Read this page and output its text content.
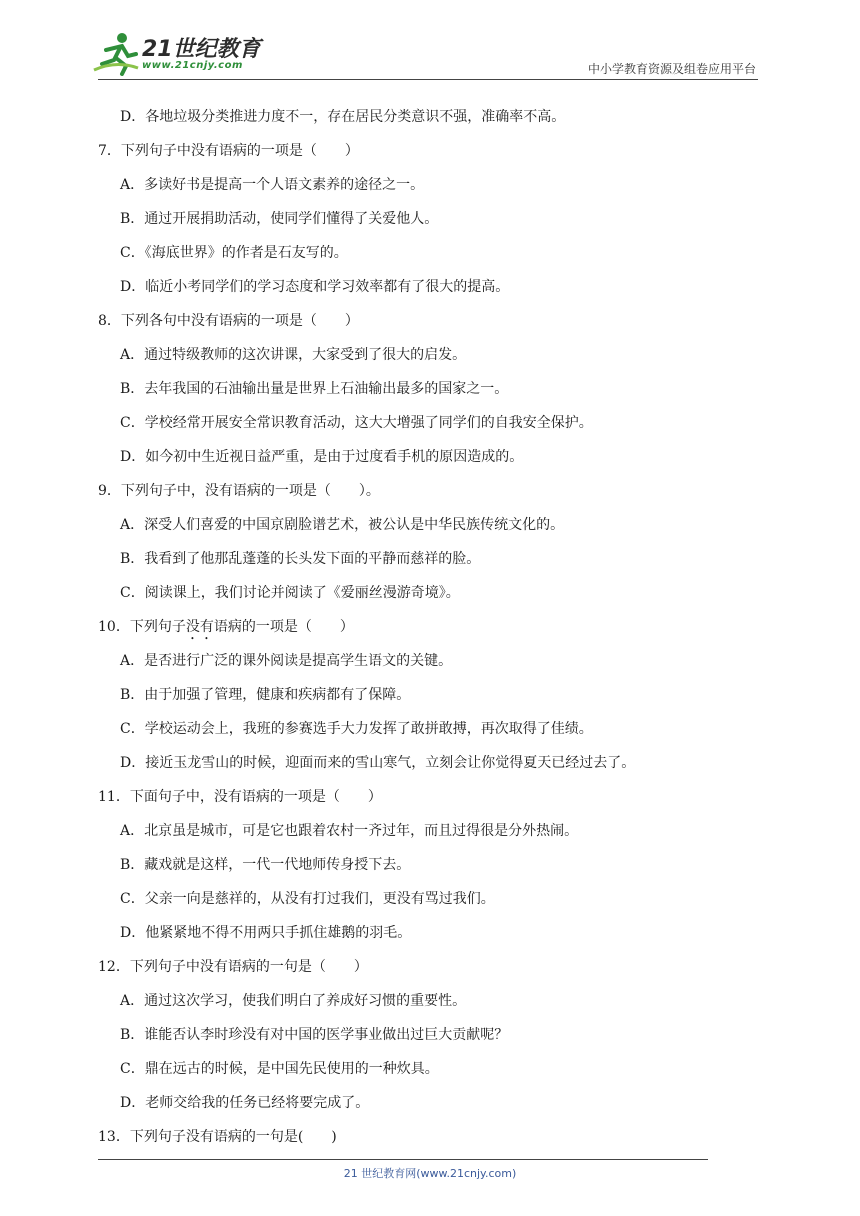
21世纪教育
www.21cnjy.com	中小学教育资源及组卷应用平台
D．各地垃圾分类推进力度不一，存在居民分类意识不强，准确率不高。
7．下列句子中没有语病的一项是（　　）
A．多读好书是提高一个人语文素养的途径之一。
B．通过开展捐助活动，使同学们懂得了关爱他人。
C．《海底世界》的作者是石友写的。
D．临近小考同学们的学习态度和学习效率都有了很大的提高。
8．下列各句中没有语病的一项是（　　）
A．通过特级教师的这次讲课，大家受到了很大的启发。
B．去年我国的石油输出量是世界上石油输出最多的国家之一。
C．学校经常开展安全常识教育活动，这大大增强了同学们的自我安全保护。
D．如今初中生近视日益严重，是由于过度看手机的原因造成的。
9．下列句子中，没有语病的一项是（　　）。
A．深受人们喜爱的中国京剧脸谱艺术，被公认是中华民族传统文化的。
B．我看到了他那乱蓬蓬的长头发下面的平静而慈祥的脸。
C．阅读课上，我们讨论并阅读了《爱丽丝漫游奇境》。
10．下列句子没有语病的一项是（　　）
A．是否进行广泛的课外阅读是提高学生语文的关键。
B．由于加强了管理，健康和疾病都有了保障。
C．学校运动会上，我班的参赛选手大力发挥了敢拼敢搏，再次取得了佳绩。
D．接近玉龙雪山的时候，迎面而来的雪山寒气，立刻会让你觉得夏天已经过去了。
11．下面句子中，没有语病的一项是（　　）
A．北京虽是城市，可是它也跟着农村一齐过年，而且过得很是分外热闹。
B．藏戏就是这样，一代一代地师传身授下去。
C．父亲一向是慈祥的，从没有打过我们，更没有骂过我们。
D．他紧紧地不得不用两只手抓住雄鹅的羽毛。
12．下列句子中没有语病的一句是（　　）
A．通过这次学习，使我们明白了养成好习惯的重要性。
B．谁能否认李时珍没有对中国的医学事业做出过巨大贡献呢？
C．鼎在远古的时候，是中国先民使用的一种炊具。
D．老师交给我的任务已经将要完成了。
13．下列句子没有语病的一句是(　　)
21 世纪教育网(www.21cnjy.com)
